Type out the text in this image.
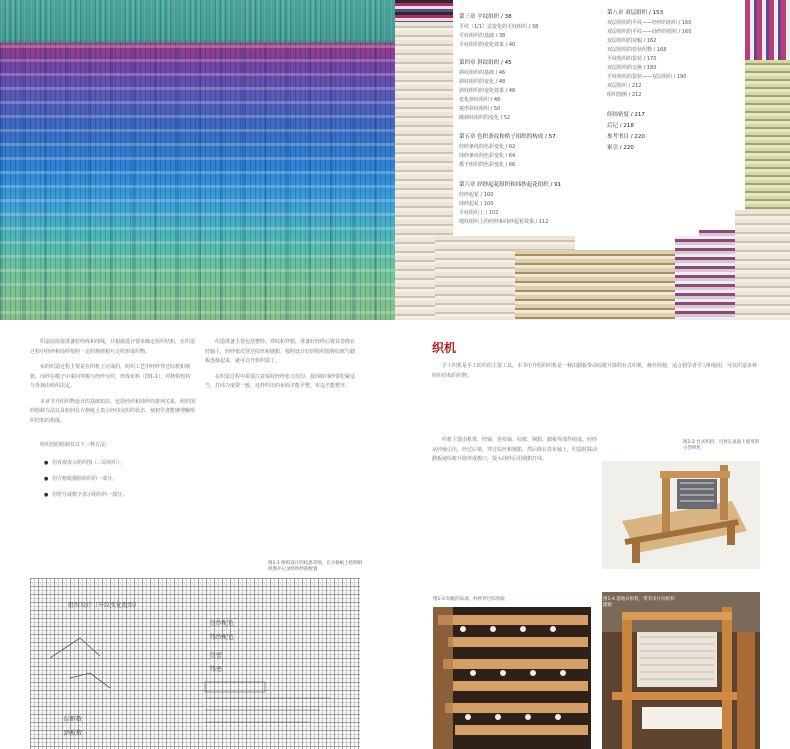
第三章 平纹组织 / 38
平纹（1/1）式变化的平纹组织 / 38
平纹组织的基础 / 38
平纹组织的变化效果 / 40
第四章 斜纹组织 / 45
斜纹组织的基础 / 46
斜纹组织的变化 / 48
斜纹组织的变化效果 / 48
变化斜纹组织 / 48
菱形斜纹组织 / 50
破斜纹组织的变化 / 52
第五章 色织条纹和格子组织的构成 / 57
经纱条纹的色彩变化 / 62
纬纱条纹的色彩变化 / 64
格子组织的色彩变化 / 66
第六章 经纱起花组织和纬纱起花组织 / 91
经纱起花 / 100
纬纱起花 / 100
平纹组织上 / 102
缎纹组织上的经纱和纬纱起花效果 / 112
第八章 双层组织 / 153
双层组织的平纹——经纱的组织 / 160
双层组织的平纹——纬纱的组织 / 160
双层组织的双幅 / 162
双层组织的管状织物 / 168
平纹组织的袋状 / 170
双层组织的交换 / 180
平纹组织的袋状——双层组织 / 190
双层组织 / 212
组织图例 / 212
经纬密度 / 217
后记 / 218
参考书目 / 220
索引 / 220

织造前需要准备好经线和纬线，并根据设计要求确定组织结构，在织造过程中经纱和纬纱按照一定的规律相互交织形成织物。

布的织造过程主要是在织机上完成的，纺织工艺中经纱穿过综框和钢筘，纬纱在梭子中来回穿梭与经纱交织，形成布料（图1-1），织物的结构与外观由组织决定。

本章节介绍织物设计的基础知识，包括经纱和纬纱的排列关系，组织图的绘制方法以及如何在方格纸上表示经纬交织的状态，使初学者能够理解组织结构的构成。

组织图的绘制有以下三种方法：
● 用直观表示组织图（三原组织）。
● 用方格纸描绘组织的一部分。
● 用符号或数字表示组织的一部分。

织造准备主要包括整经、穿综和穿筘，准备好经纱后将其卷绕在经轴上，经纱依次穿过综丝和钢筘，按照设计好的组织图将综框与踏板连接起来，就可以开始织造了。

在织造过程中需要注意保持经纱张力均匀，投纬时纬纱要松紧适当，打纬力度要一致，这样织出的布面才能平整，布边才能整齐。

图1-1 组织设计的构思草图，在方格纸上绘制组织图并记录经纬纱的配置
组织设计（平纹变化组织）
经纱配色
纬纱配色
经密
纬密
综框数
踏板数
织机

手工织机是手工纺织的主要工具。本书中介绍的织机是一种由踏板带动综框升降的台式织机，操作简便，适合初学者学习和使用，可以织造多种组织结构的织物。

织机主要由机架、经轴、卷布轴、综框、钢筘、踏板等部件组成。经纱从经轴引出，经过后梁，穿过综丝和钢筘，然后绕在卷布轴上，织造时踩动踏板使综框升降形成梭口，投入纬纱后用钢筘打纬。

图1-2 台式织机，可放在桌面上使用的小型织机
图1-3 综框的局部，经纱穿过综丝眼	图1-4 落地式织机，带有多片综框和踏板
